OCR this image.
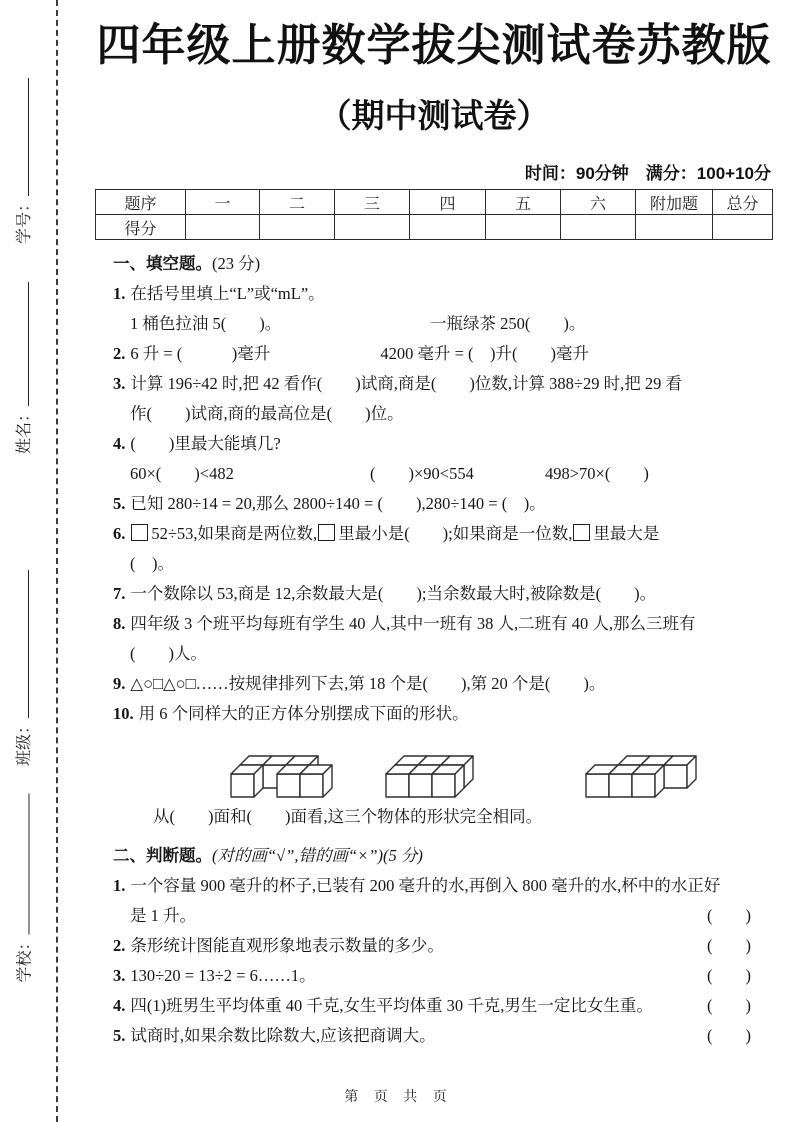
学号：
姓名：
班级：
学校：
四年级上册数学拔尖测试卷苏教版
（期中测试卷）
时间：90分钟　满分：100+10分
题序	一	二	三	四	五	六	附加题	总分
得分								
一、填空题。(23 分)
1. 在括号里填上“L”或“mL”。
1 桶色拉油 5(　　)。	一瓶绿茶 250(　　)。
2. 6 升 = (　　　)毫升	4200 毫升 = (　)升(　　)毫升
3. 计算 196÷42 时,把 42 看作(　　)试商,商是(　　)位数,计算 388÷29 时,把 29 看
作(　　)试商,商的最高位是(　　)位。
4. (　　)里最大能填几?
60×(　　)<482	(　　)×90<554	498>70×(　　)
5. 已知 280÷14 = 20,那么 2800÷140 = (　　),280÷140 = (　)。
6. 52÷53,如果商是两位数, 里最小是(　　);如果商是一位数, 里最大是
(　)。
7. 一个数除以 53,商是 12,余数最大是(　　);当余数最大时,被除数是(　　)。
8. 四年级 3 个班平均每班有学生 40 人,其中一班有 38 人,二班有 40 人,那么三班有
(　　)人。
9. △○□△○□……按规律排列下去,第 18 个是(　　),第 20 个是(　　)。
10. 用 6 个同样大的正方体分别摆成下面的形状。
从(　　)面和(　　)面看,这三个物体的形状完全相同。
二、判断题。(对的画“√”,错的画“×”)(5 分)
1. 一个容量 900 毫升的杯子,已装有 200 毫升的水,再倒入 800 毫升的水,杯中的水正好
是 1 升。	(　　)
2. 条形统计图能直观形象地表示数量的多少。	(　　)
3. 130÷20 = 13÷2 = 6……1。	(　　)
4. 四(1)班男生平均体重 40 千克,女生平均体重 30 千克,男生一定比女生重。	(　　)
5. 试商时,如果余数比除数大,应该把商调大。	(　　)
第 页 共 页
